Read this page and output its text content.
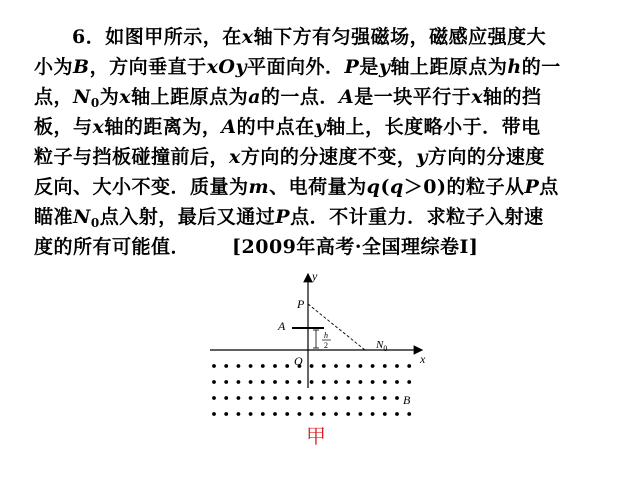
6．如图甲所示，在x轴下方有匀强磁场，磁感应强度大
小为B，方向垂直于xOy平面向外．P是y轴上距原点为h的一
点，$N_0$为x轴上距原点为a的一点．A是一块平行于x轴的挡
板，与x轴的距离为，A的中点在y轴上，长度略小于．带电
粒子与挡板碰撞前后，x方向的分速度不变，y方向的分速度
反向、大小不变．质量为m、电荷量为q(q＞0)的粒子从P点
瞄准$N_0$点入射，最后又通过P点．不计重力．求粒子入射速
度的所有可能值． [2009年高考·全国理综卷I]
h
2
y
x
O
P
A
$N_0$
B
甲
